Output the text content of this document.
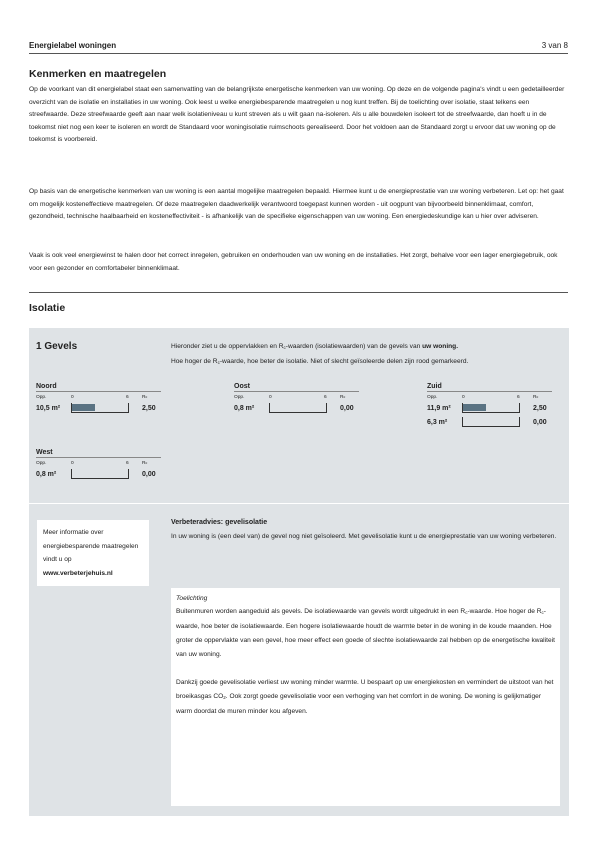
Energielabel woningen	3 van 8
Kenmerken en maatregelen

Op de voorkant van dit energielabel staat een samenvatting van de belangrijkste energetische kenmerken van uw woning. Op deze en de volgende pagina's vindt u een gedetailleerder overzicht van de isolatie en installaties in uw woning. Ook leest u welke energiebesparende maatregelen u nog kunt treffen. Bij de toelichting over isolatie, staat telkens een streefwaarde. Deze streefwaarde geeft aan naar welk isolatieniveau u kunt streven als u wilt gaan na-isoleren. Als u alle bouwdelen isoleert tot de streefwaarde, dan hoeft u in de toekomst niet nog een keer te isoleren en wordt de Standaard voor woningisolatie ruimschoots gerealiseerd. Door het voldoen aan de Standaard zorgt u ervoor dat uw woning op de toekomst is voorbereid.

Op basis van de energetische kenmerken van uw woning is een aantal mogelijke maatregelen bepaald. Hiermee kunt u de energieprestatie van uw woning verbeteren. Let op: het gaat om mogelijk kosteneffectieve maatregelen. Of deze maatregelen daadwerkelijk verantwoord toegepast kunnen worden - uit oogpunt van bijvoorbeeld binnenklimaat, comfort, gezondheid, technische haalbaarheid en kosteneffectiviteit - is afhankelijk van de specifieke eigenschappen van uw woning. Een energiedeskundige kan u hier over adviseren.

Vaak is ook veel energiewinst te halen door het correct inregelen, gebruiken en onderhouden van uw woning en de installaties. Het zorgt, behalve voor een lager energiegebruik, ook voor een gezonder en comfortabeler binnenklimaat.

Isolatie
1 Gevels	Hieronder ziet u de oppervlakken en $R_c$-waarden (isolatiewaarden) van de gevels van uw woning.
Hoe hoger de $R_c$-waarde, hoe beter de isolatie. Niet of slecht geïsoleerde delen zijn rood gemarkeerd.
Noord
Opp.	0	6	Rc
10,5 m²	2,50
Oost
Opp.	0	6	Rc
0,8 m²	0,00
Zuid
Opp.	0	6	Rc
11,9 m²	2,50
6,3 m²	0,00
West
Opp.	0	6	Rc
0,8 m²	0,00
Meer informatie over energiebesparende maatregelen vindt u op
www.verbeterjehuis.nl
Verbeteradvies: gevelisolatie
In uw woning is (een deel van) de gevel nog niet geïsoleerd. Met gevelisolatie kunt u de energieprestatie van uw woning verbeteren.
Toelichting

Buitenmuren worden aangeduid als gevels. De isolatiewaarde van gevels wordt uitgedrukt in een $R_c$-waarde. Hoe hoger de $R_c$-waarde, hoe beter de isolatiewaarde. Een hogere isolatiewaarde houdt de warmte beter in de woning in de koude maanden. Hoe groter de oppervlakte van een gevel, hoe meer effect een goede of slechte isolatiewaarde zal hebben op de energetische kwaliteit van uw woning.

Dankzij goede gevelisolatie verliest uw woning minder warmte. U bespaart op uw energiekosten en vermindert de uitstoot van het broeikasgas $CO_2$. Ook zorgt goede gevelisolatie voor een verhoging van het comfort in de woning. De woning is gelijkmatiger warm doordat de muren minder kou afgeven.
